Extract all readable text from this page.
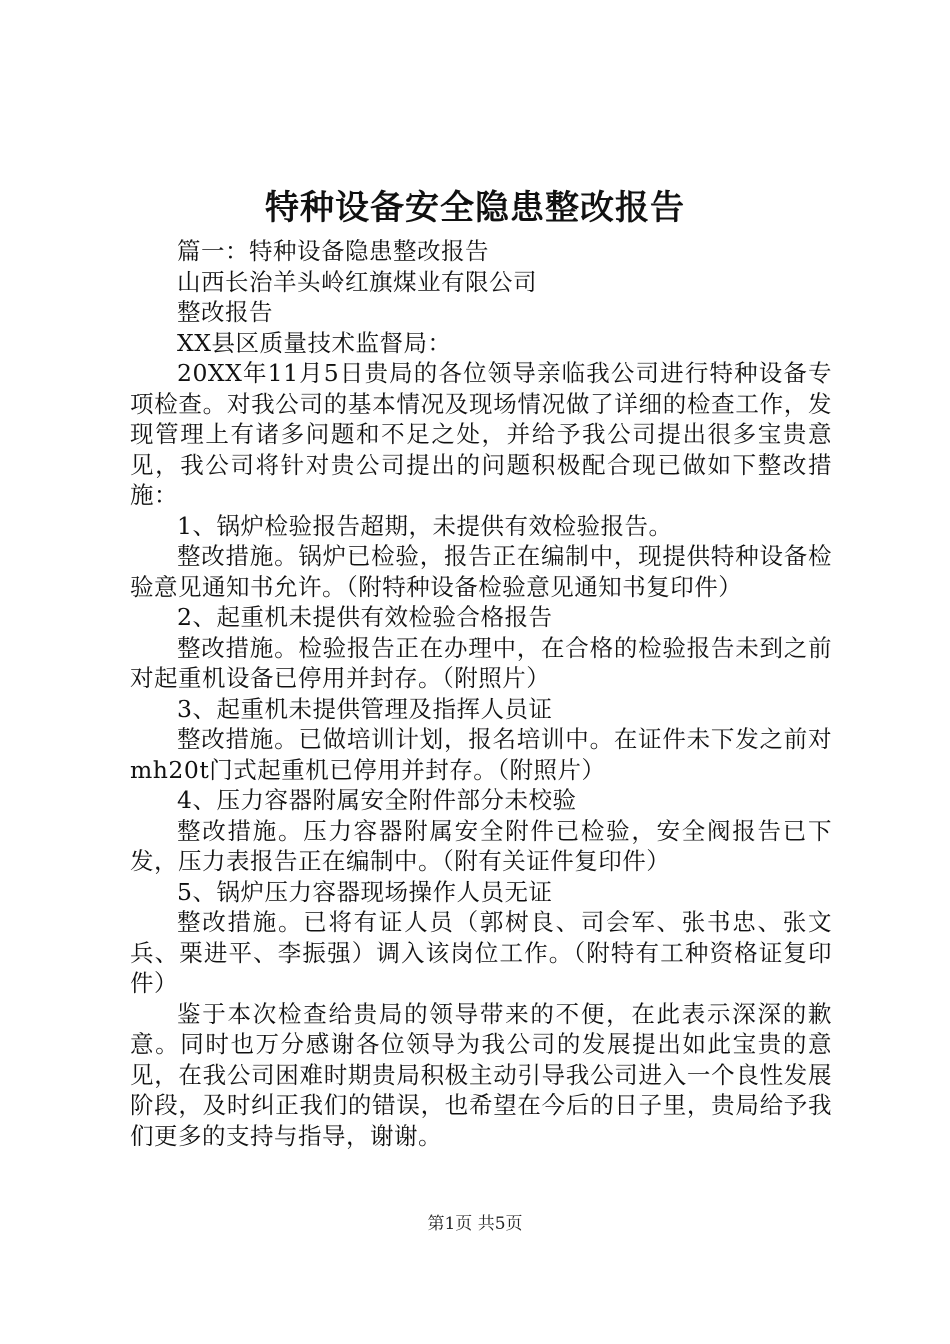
特种设备安全隐患整改报告

篇一：特种设备隐患整改报告

山西长治羊头岭红旗煤业有限公司

整改报告

XX县区质量技术监督局：

20XX年11月5日贵局的各位领导亲临我公司进行特种设备专项检查。对我公司的基本情况及现场情况做了详细的检查工作，发现管理上有诸多问题和不足之处，并给予我公司提出很多宝贵意见，我公司将针对贵公司提出的问题积极配合现已做如下整改措施：

1、锅炉检验报告超期，未提供有效检验报告。

整改措施。锅炉已检验，报告正在编制中，现提供特种设备检验意见通知书允许。（附特种设备检验意见通知书复印件）

2、起重机未提供有效检验合格报告

整改措施。检验报告正在办理中，在合格的检验报告未到之前对起重机设备已停用并封存。（附照片）

3、起重机未提供管理及指挥人员证

整改措施。已做培训计划，报名培训中。在证件未下发之前对mh20t门式起重机已停用并封存。（附照片）

4、压力容器附属安全附件部分未校验

整改措施。压力容器附属安全附件已检验，安全阀报告已下发，压力表报告正在编制中。（附有关证件复印件）

5、锅炉压力容器现场操作人员无证

整改措施。已将有证人员（郭树良、司会军、张书忠、张文兵、栗进平、李振强）调入该岗位工作。（附特有工种资格证复印件）

鉴于本次检查给贵局的领导带来的不便，在此表示深深的歉意。同时也万分感谢各位领导为我公司的发展提出如此宝贵的意见，在我公司困难时期贵局积极主动引导我公司进入一个良性发展阶段，及时纠正我们的错误，也希望在今后的日子里，贵局给予我们更多的支持与指导，谢谢。

第1页 共5页
